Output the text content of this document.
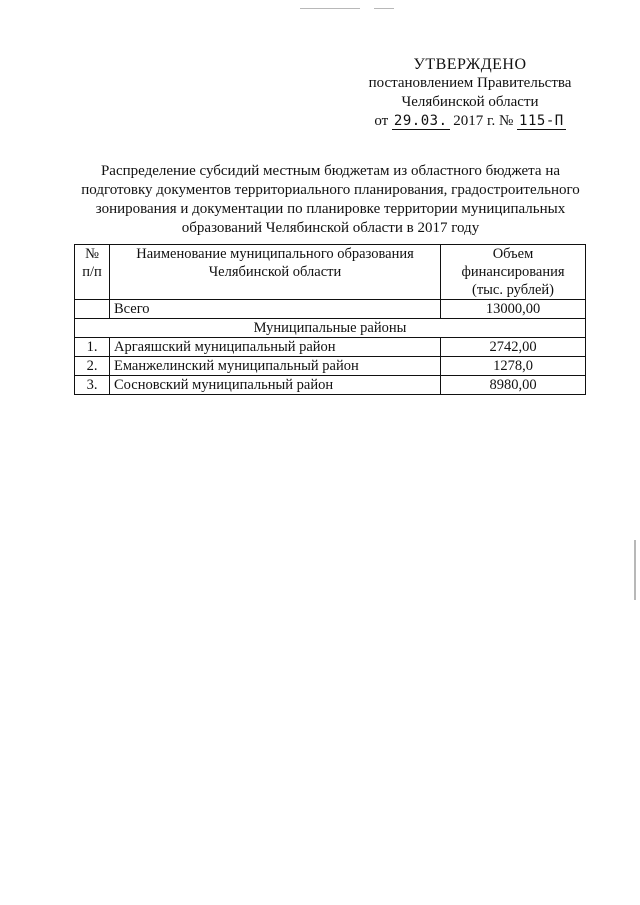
УТВЕРЖДЕНО
постановлением Правительства
Челябинской области
от 29.03. 2017 г. № 115-П
Распределение субсидий местным бюджетам из областного бюджета на подготовку документов территориального планирования, градостроительного зонирования и документации по планировке территории муниципальных образований Челябинской области в 2017 году
№ п/п	Наименование муниципального образования Челябинской области	Объем финансирования (тыс. рублей)
	Всего	13000,00
Муниципальные районы		
1.	Аргаяшский муниципальный район	2742,00
2.	Еманжелинский муниципальный район	1278,0
3.	Сосновский муниципальный район	8980,00
